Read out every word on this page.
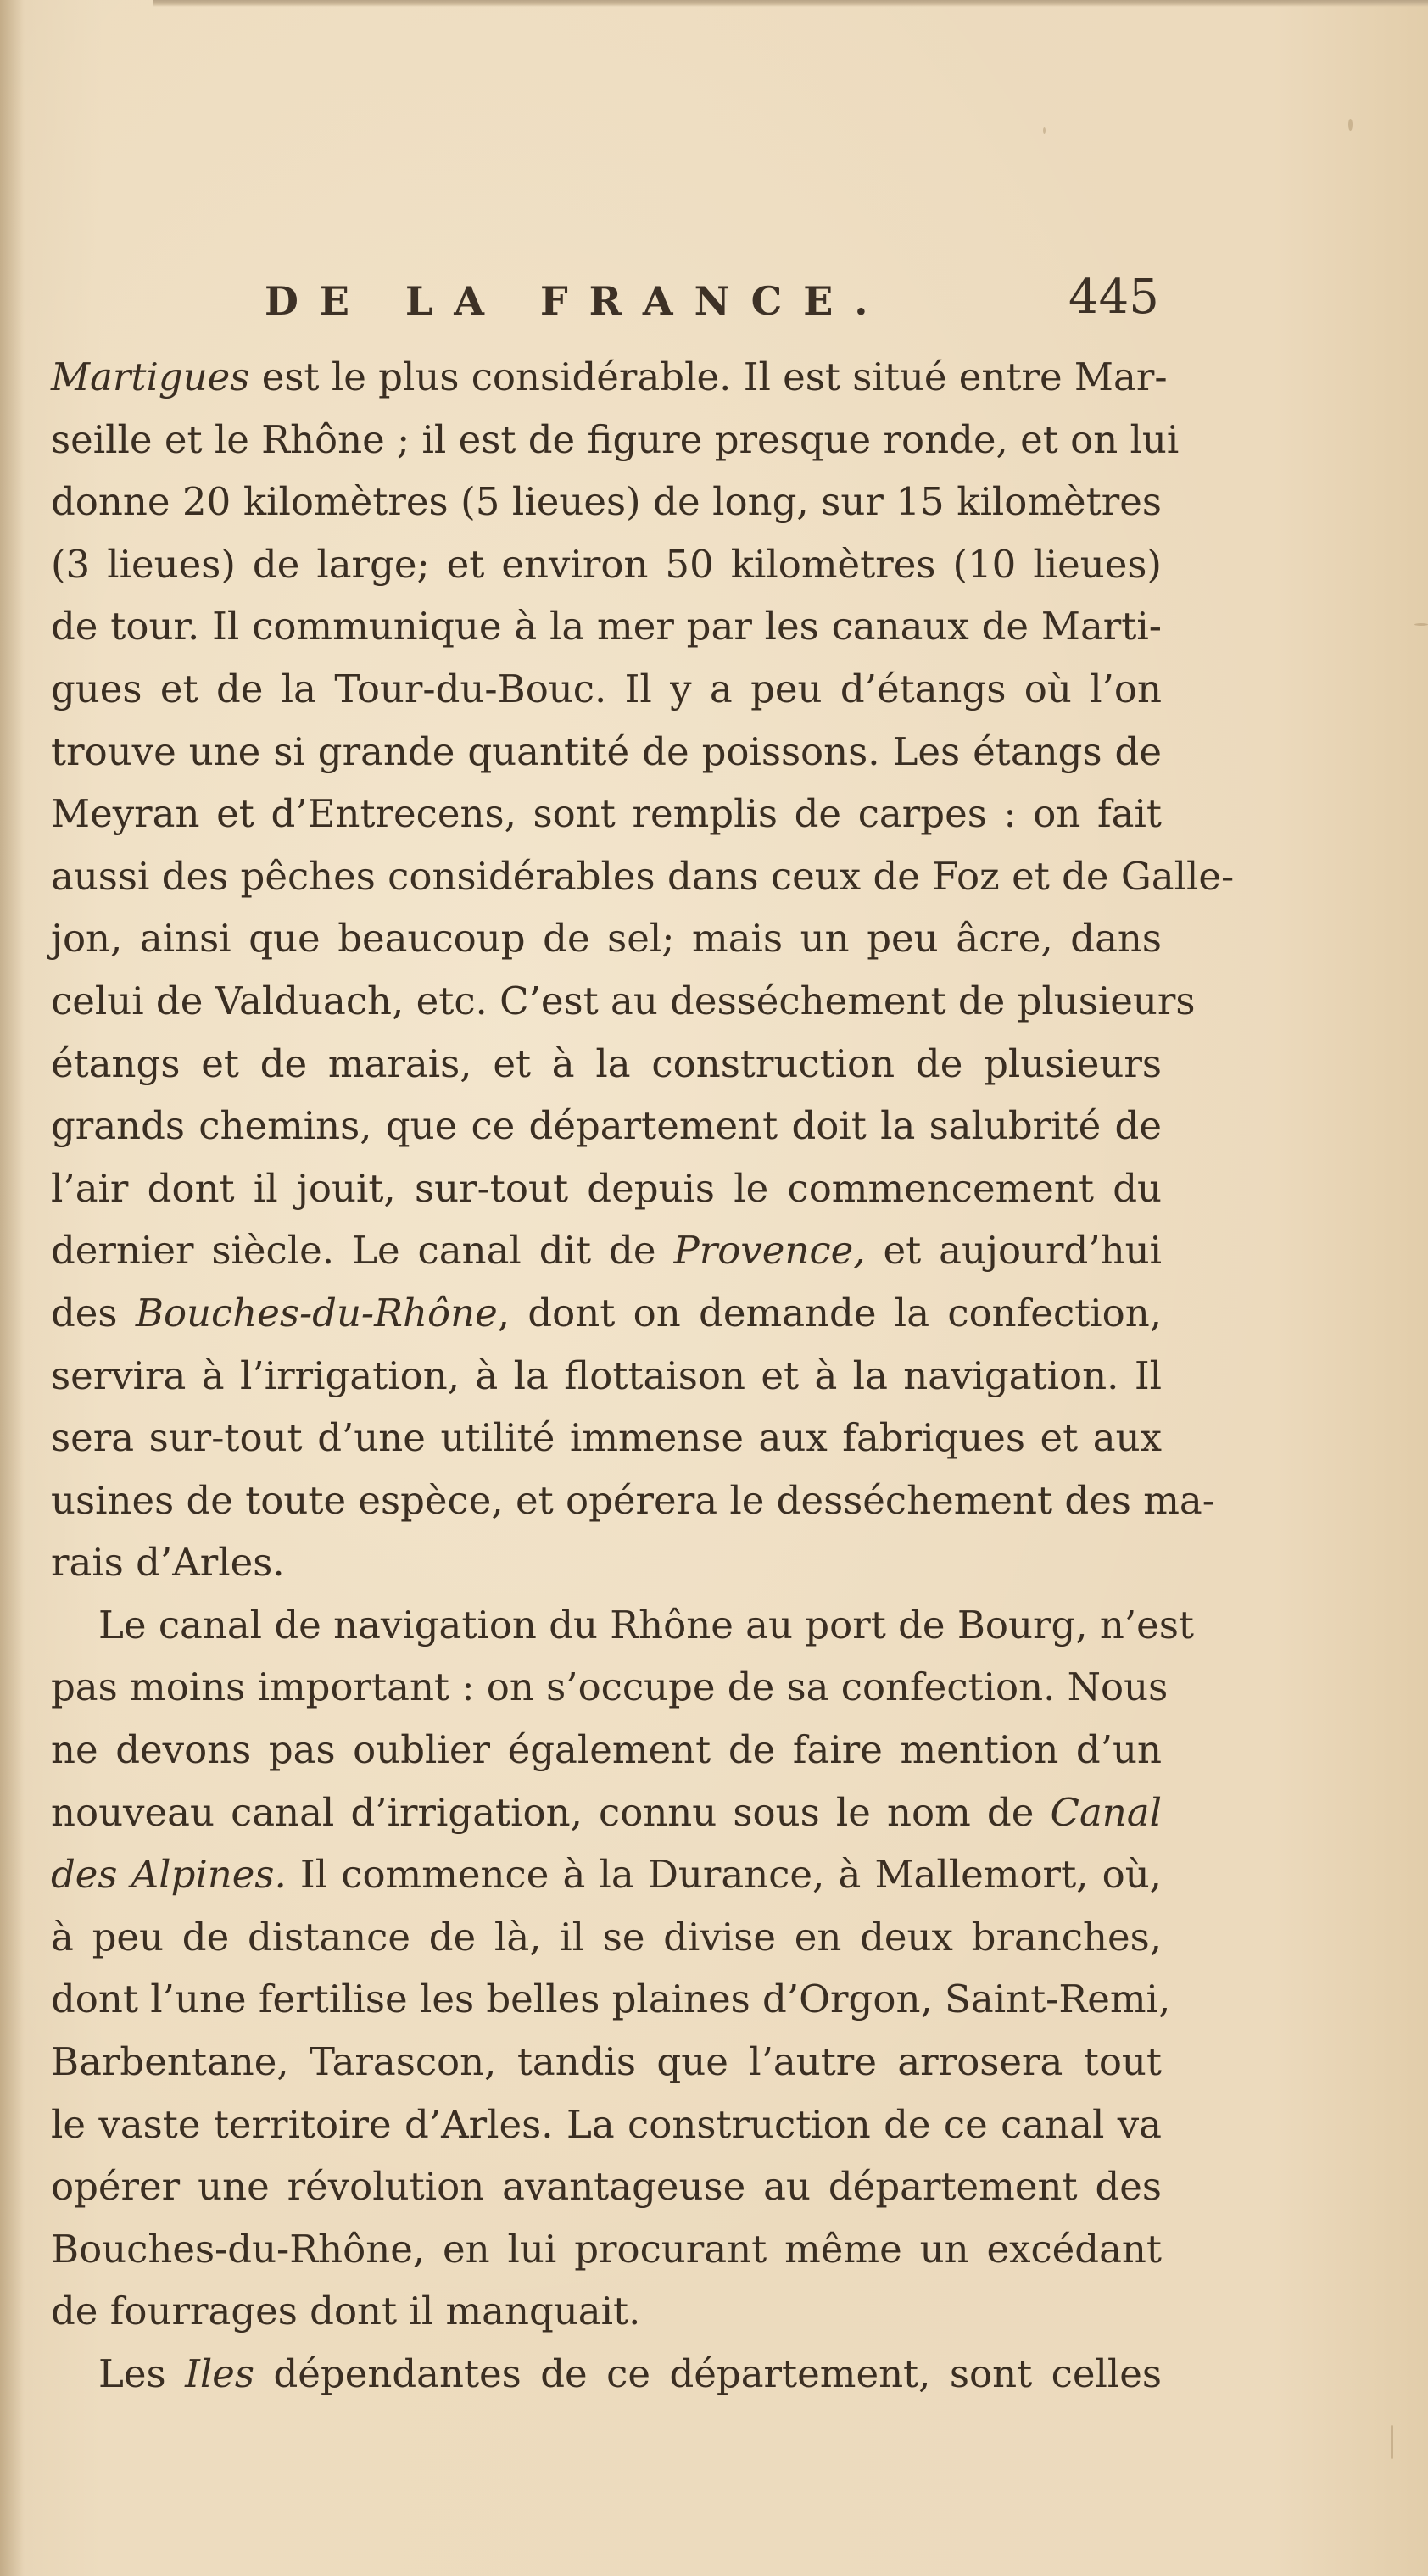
DE LA FRANCE.	445
Martigues est le plus considérable. Il est situé entre Mar-
seille et le Rhône ; il est de figure presque ronde, et on lui
donne 20 kilomètres (5 lieues) de long, sur 15 kilomètres
(3 lieues) de large; et environ 50 kilomètres (10 lieues)
de tour. Il communique à la mer par les canaux de Marti-
gues et de la Tour-du-Bouc. Il y a peu d’étangs où l’on
trouve une si grande quantité de poissons. Les étangs de
Meyran et d’Entrecens, sont remplis de carpes : on fait
aussi des pêches considérables dans ceux de Foz et de Galle-
jon, ainsi que beaucoup de sel; mais un peu âcre, dans
celui de Valduach, etc. C’est au desséchement de plusieurs
étangs et de marais, et à la construction de plusieurs
grands chemins, que ce département doit la salubrité de
l’air dont il jouit, sur-tout depuis le commencement du
dernier siècle. Le canal dit de Provence, et aujourd’hui
des Bouches-du-Rhône, dont on demande la confection,
servira à l’irrigation, à la flottaison et à la navigation. Il
sera sur-tout d’une utilité immense aux fabriques et aux
usines de toute espèce, et opérera le desséchement des ma-
rais d’Arles.
Le canal de navigation du Rhône au port de Bourg, n’est
pas moins important : on s’occupe de sa confection. Nous
ne devons pas oublier également de faire mention d’un
nouveau canal d’irrigation, connu sous le nom de Canal
des Alpines. Il commence à la Durance, à Mallemort, où,
à peu de distance de là, il se divise en deux branches,
dont l’une fertilise les belles plaines d’Orgon, Saint-Remi,
Barbentane, Tarascon, tandis que l’autre arrosera tout
le vaste territoire d’Arles. La construction de ce canal va
opérer une révolution avantageuse au département des
Bouches-du-Rhône, en lui procurant même un excédant
de fourrages dont il manquait.
Les Iles dépendantes de ce département, sont celles
